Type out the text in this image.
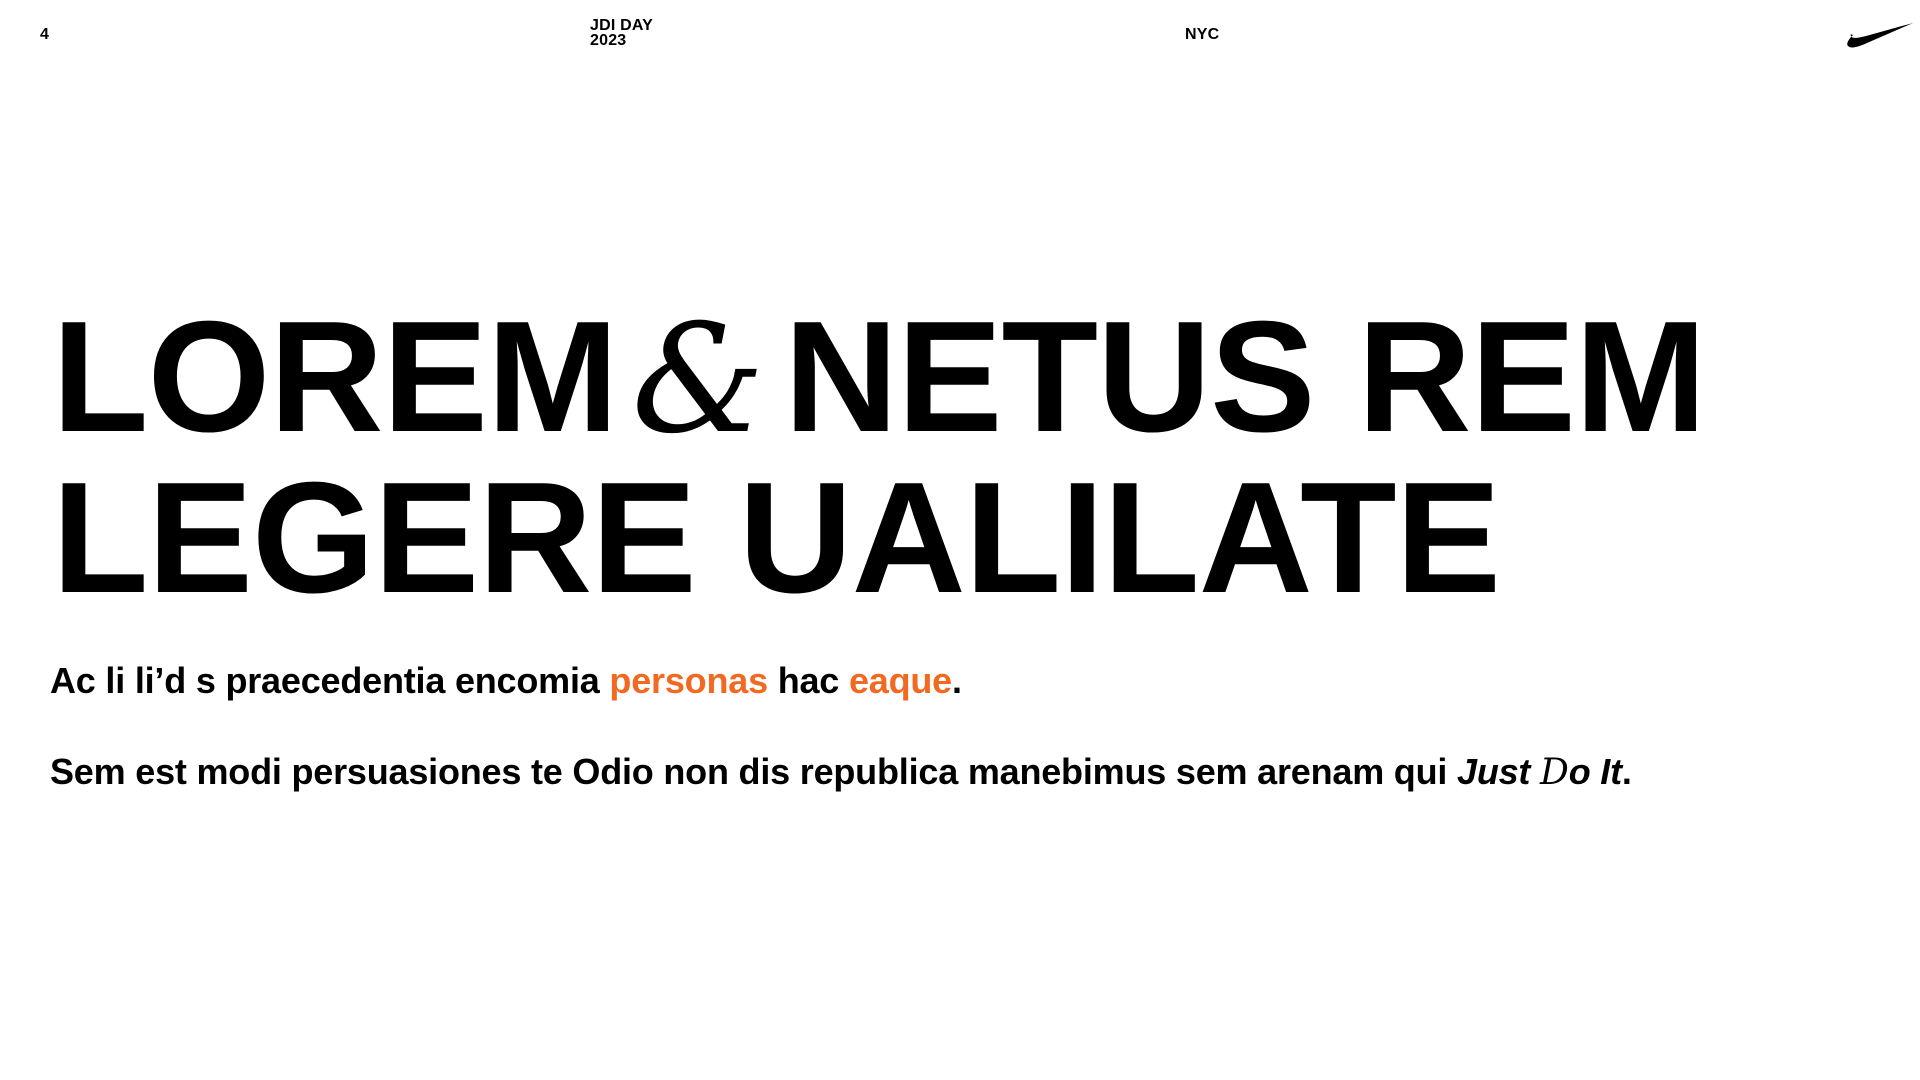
4
JDI DAY
2023	NYC
LOREM& NETUS REM
LEGERE UALILATE

Ac li li’d s praecedentia encomia personas hac eaque.

Sem est modi persuasiones te Odio non dis republica manebimus sem arenam qui Just Do It.
